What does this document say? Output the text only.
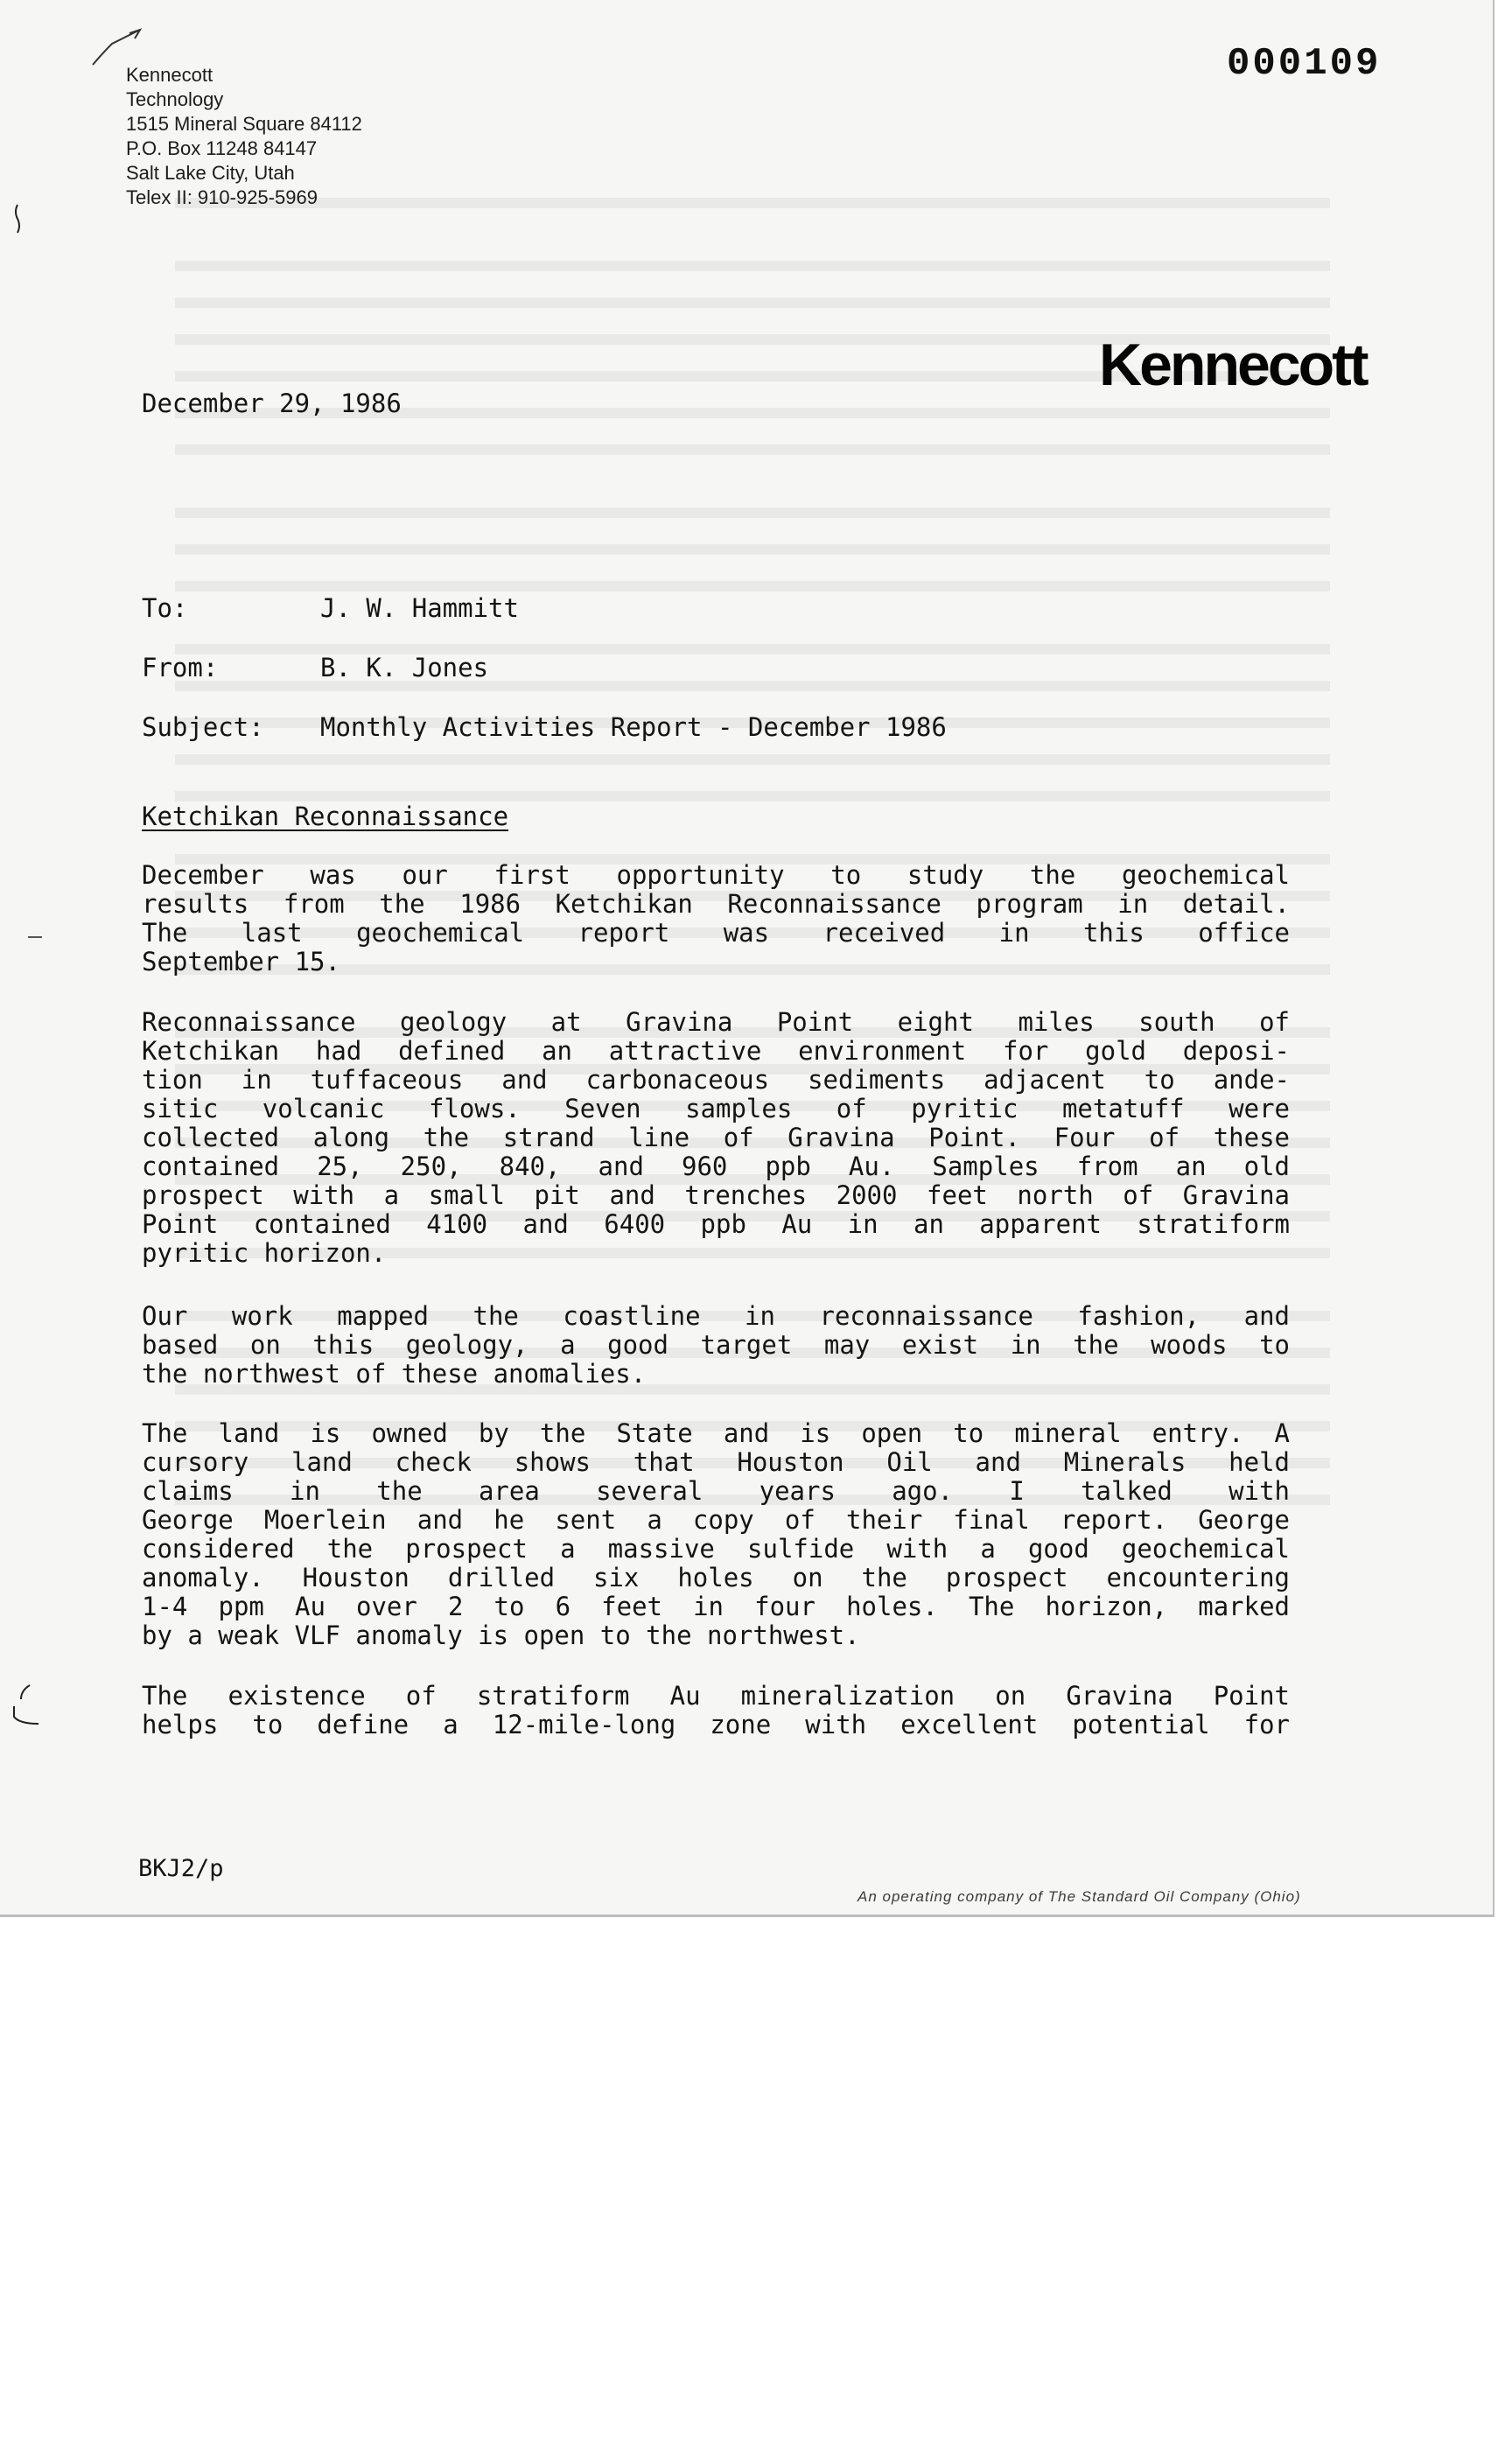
Kennecott
Technology
1515 Mineral Square 84112
P.O. Box 11248 84147
Salt Lake City, Utah
Telex II: 910-925-5969
000109
Kennecott
December 29, 1986
To:	J. W. Hammitt
From:	B. K. Jones
Subject: Monthly Activities Report - December 1986
Ketchikan Reconnaissance
December was our first opportunity to study the geochemical
results from the 1986 Ketchikan Reconnaissance program in detail.
The last geochemical report was received in this office
September 15.
Reconnaissance geology at Gravina Point eight miles south of
Ketchikan had defined an attractive environment for gold deposi-
tion in tuffaceous and carbonaceous sediments adjacent to ande-
sitic volcanic flows. Seven samples of pyritic metatuff were
collected along the strand line of Gravina Point. Four of these
contained 25, 250, 840, and 960 ppb Au. Samples from an old
prospect with a small pit and trenches 2000 feet north of Gravina
Point contained 4100 and 6400 ppb Au in an apparent stratiform
pyritic horizon.
Our work mapped the coastline in reconnaissance fashion, and
based on this geology, a good target may exist in the woods to
the northwest of these anomalies.
The land is owned by the State and is open to mineral entry. A
cursory land check shows that Houston Oil and Minerals held
claims in the area several years ago. I talked with
George Moerlein and he sent a copy of their final report. George
considered the prospect a massive sulfide with a good geochemical
anomaly. Houston drilled six holes on the prospect encountering
1-4 ppm Au over 2 to 6 feet in four holes. The horizon, marked
by a weak VLF anomaly is open to the northwest.
The existence of stratiform Au mineralization on Gravina Point
helps to define a 12-mile-long zone with excellent potential for
BKJ2/p
An operating company of The Standard Oil Company (Ohio)
